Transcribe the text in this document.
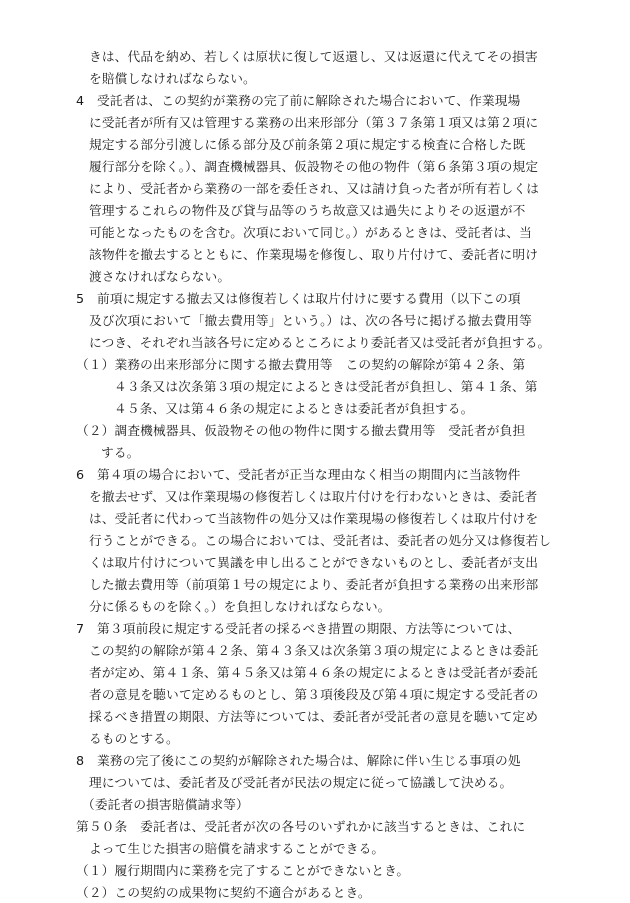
きは、代品を納め、若しくは原状に復して返還し、又は返還に代えてその損害
を賠償しなければならない。
4　受託者は、この契約が業務の完了前に解除された場合において、作業現場
に受託者が所有又は管理する業務の出来形部分（第３７条第１項又は第２項に
規定する部分引渡しに係る部分及び前条第２項に規定する検査に合格した既
履行部分を除く。）、調査機械器具、仮設物その他の物件（第６条第３項の規定
により、受託者から業務の一部を委任され、又は請け負った者が所有若しくは
管理するこれらの物件及び貸与品等のうち故意又は過失によりその返還が不
可能となったものを含む。次項において同じ。）があるときは、受託者は、当
該物件を撤去するとともに、作業現場を修復し、取り片付けて、委託者に明け
渡さなければならない。
5　前項に規定する撤去又は修復若しくは取片付けに要する費用（以下この項
及び次項において「撤去費用等」という。）は、次の各号に掲げる撤去費用等
につき、それぞれ当該各号に定めるところにより委託者又は受託者が負担する。
（１）業務の出来形部分に関する撤去費用等　この契約の解除が第４２条、第
４３条又は次条第３項の規定によるときは受託者が負担し、第４１条、第
４５条、又は第４６条の規定によるときは委託者が負担する。
（２）調査機械器具、仮設物その他の物件に関する撤去費用等　受託者が負担
する。
6　第４項の場合において、受託者が正当な理由なく相当の期間内に当該物件
を撤去せず、又は作業現場の修復若しくは取片付けを行わないときは、委託者
は、受託者に代わって当該物件の処分又は作業現場の修復若しくは取片付けを
行うことができる。この場合においては、受託者は、委託者の処分又は修復若し
くは取片付けについて異議を申し出ることができないものとし、委託者が支出
した撤去費用等（前項第１号の規定により、委託者が負担する業務の出来形部
分に係るものを除く。）を負担しなければならない。
7　第３項前段に規定する受託者の採るべき措置の期限、方法等については、
この契約の解除が第４２条、第４３条又は次条第３項の規定によるときは委託
者が定め、第４１条、第４５条又は第４６条の規定によるときは受託者が委託
者の意見を聴いて定めるものとし、第３項後段及び第４項に規定する受託者の
採るべき措置の期限、方法等については、委託者が受託者の意見を聴いて定め
るものとする。
8　業務の完了後にこの契約が解除された場合は、解除に伴い生じる事項の処
理については、委託者及び受託者が民法の規定に従って協議して決める。
（委託者の損害賠償請求等）
第５０条　委託者は、受託者が次の各号のいずれかに該当するときは、これに
よって生じた損害の賠償を請求することができる。
（１）履行期間内に業務を完了することができないとき。
（２）この契約の成果物に契約不適合があるとき。
